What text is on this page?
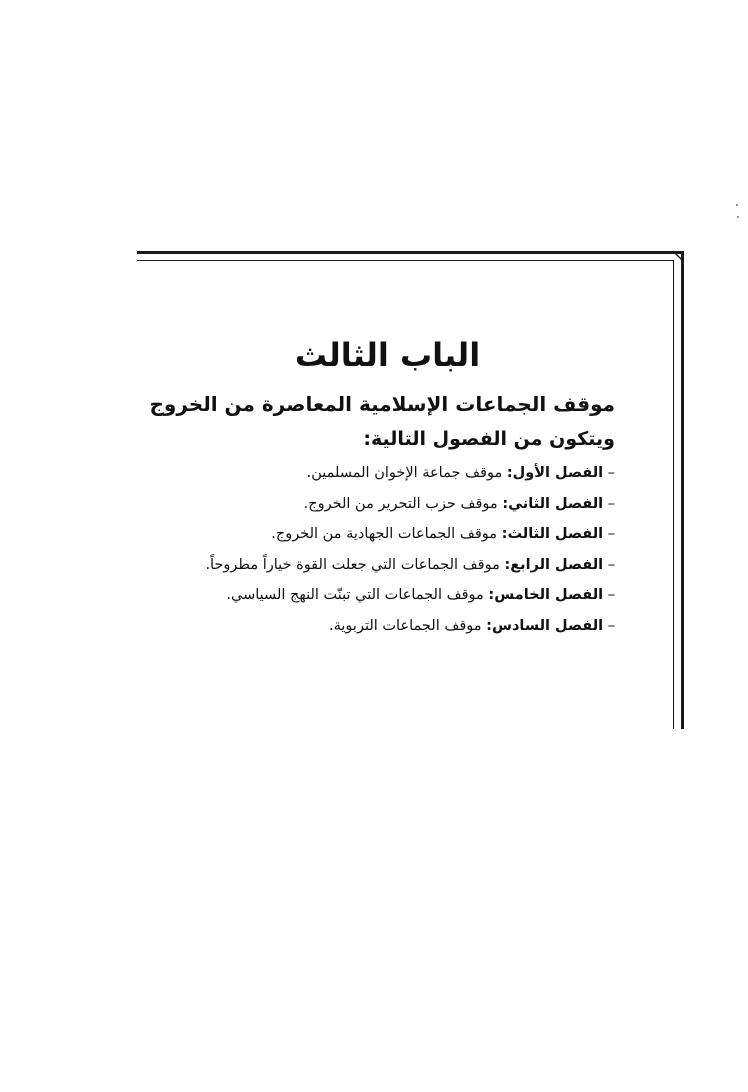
الباب الثالث
موقف الجماعات الإسلامية المعاصرة من الخروج

ويتكون من الفصول التالية:

– الفصل الأول: موقف جماعة الإخوان المسلمين.
– الفصل الثاني: موقف حزب التحرير من الخروج.
– الفصل الثالث: موقف الجماعات الجهادية من الخروج.
– الفصل الرابع: موقف الجماعات التي جعلت القوة خياراً مطروحاً.
– الفصل الخامس: موقف الجماعات التي تبنّت النهج السياسي.
– الفصل السادس: موقف الجماعات التربوية.
